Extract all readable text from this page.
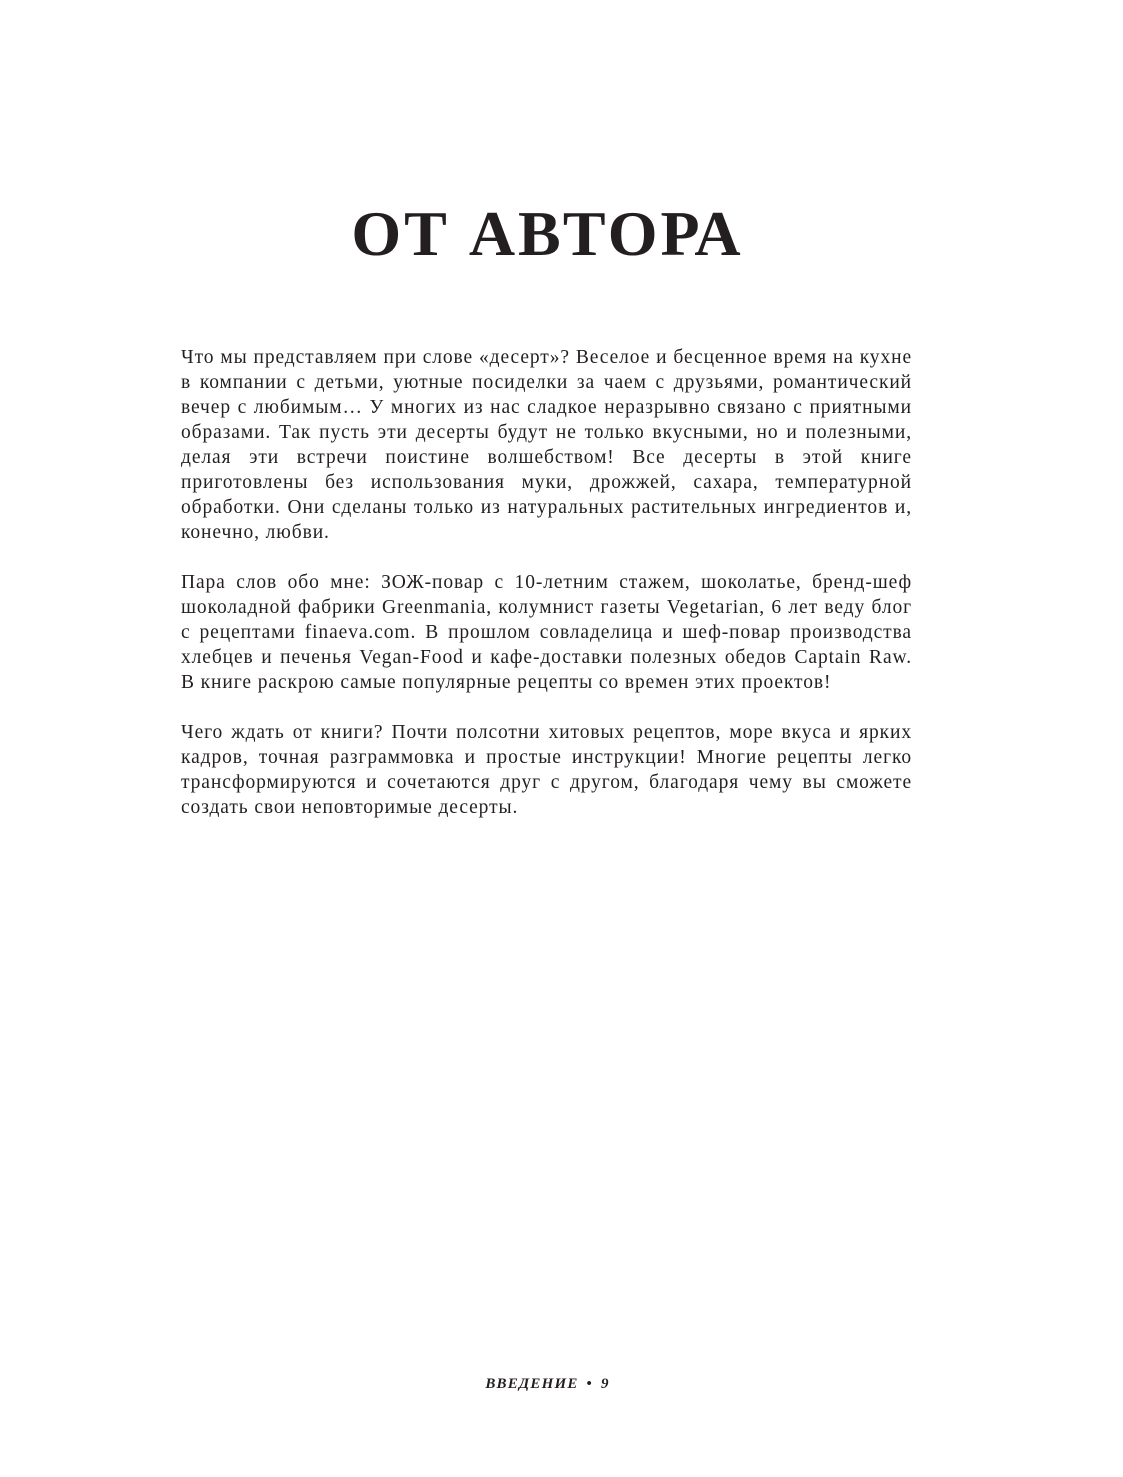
ОТ АВТОРА

Что мы представляем при слове «десерт»? Веселое и бесценное время на кухне в компании с детьми, уютные посиделки за чаем с друзьями, романтический вечер с любимым… У многих из нас сладкое неразрывно связано с приятными образами. Так пусть эти десерты будут не только вкусными, но и полезными, делая эти встречи поистине волшебством! Все десерты в этой книге приготовлены без использования муки, дрожжей, сахара, температурной обработки. Они сделаны только из натуральных растительных ингредиентов и, конечно, любви.

Пара слов обо мне: ЗОЖ-повар с 10-летним стажем, шоколатье, бренд-шеф шоколадной фабрики Greenmania, колумнист газеты Vegetarian, 6 лет веду блог с рецептами finaeva.com. В прошлом совладелица и шеф-повар производства хлебцев и печенья Vegan-Food и кафе-доставки полезных обедов Captain Raw. В книге раскрою самые популярные рецепты со времен этих проектов!

Чего ждать от книги? Почти полсотни хитовых рецептов, море вкуса и ярких кадров, точная разграммовка и простые инструкции! Многие рецепты легко трансформируются и сочетаются друг с другом, благодаря чему вы сможете создать свои неповторимые десерты.

ВВЕДЕНИЕ • 9
